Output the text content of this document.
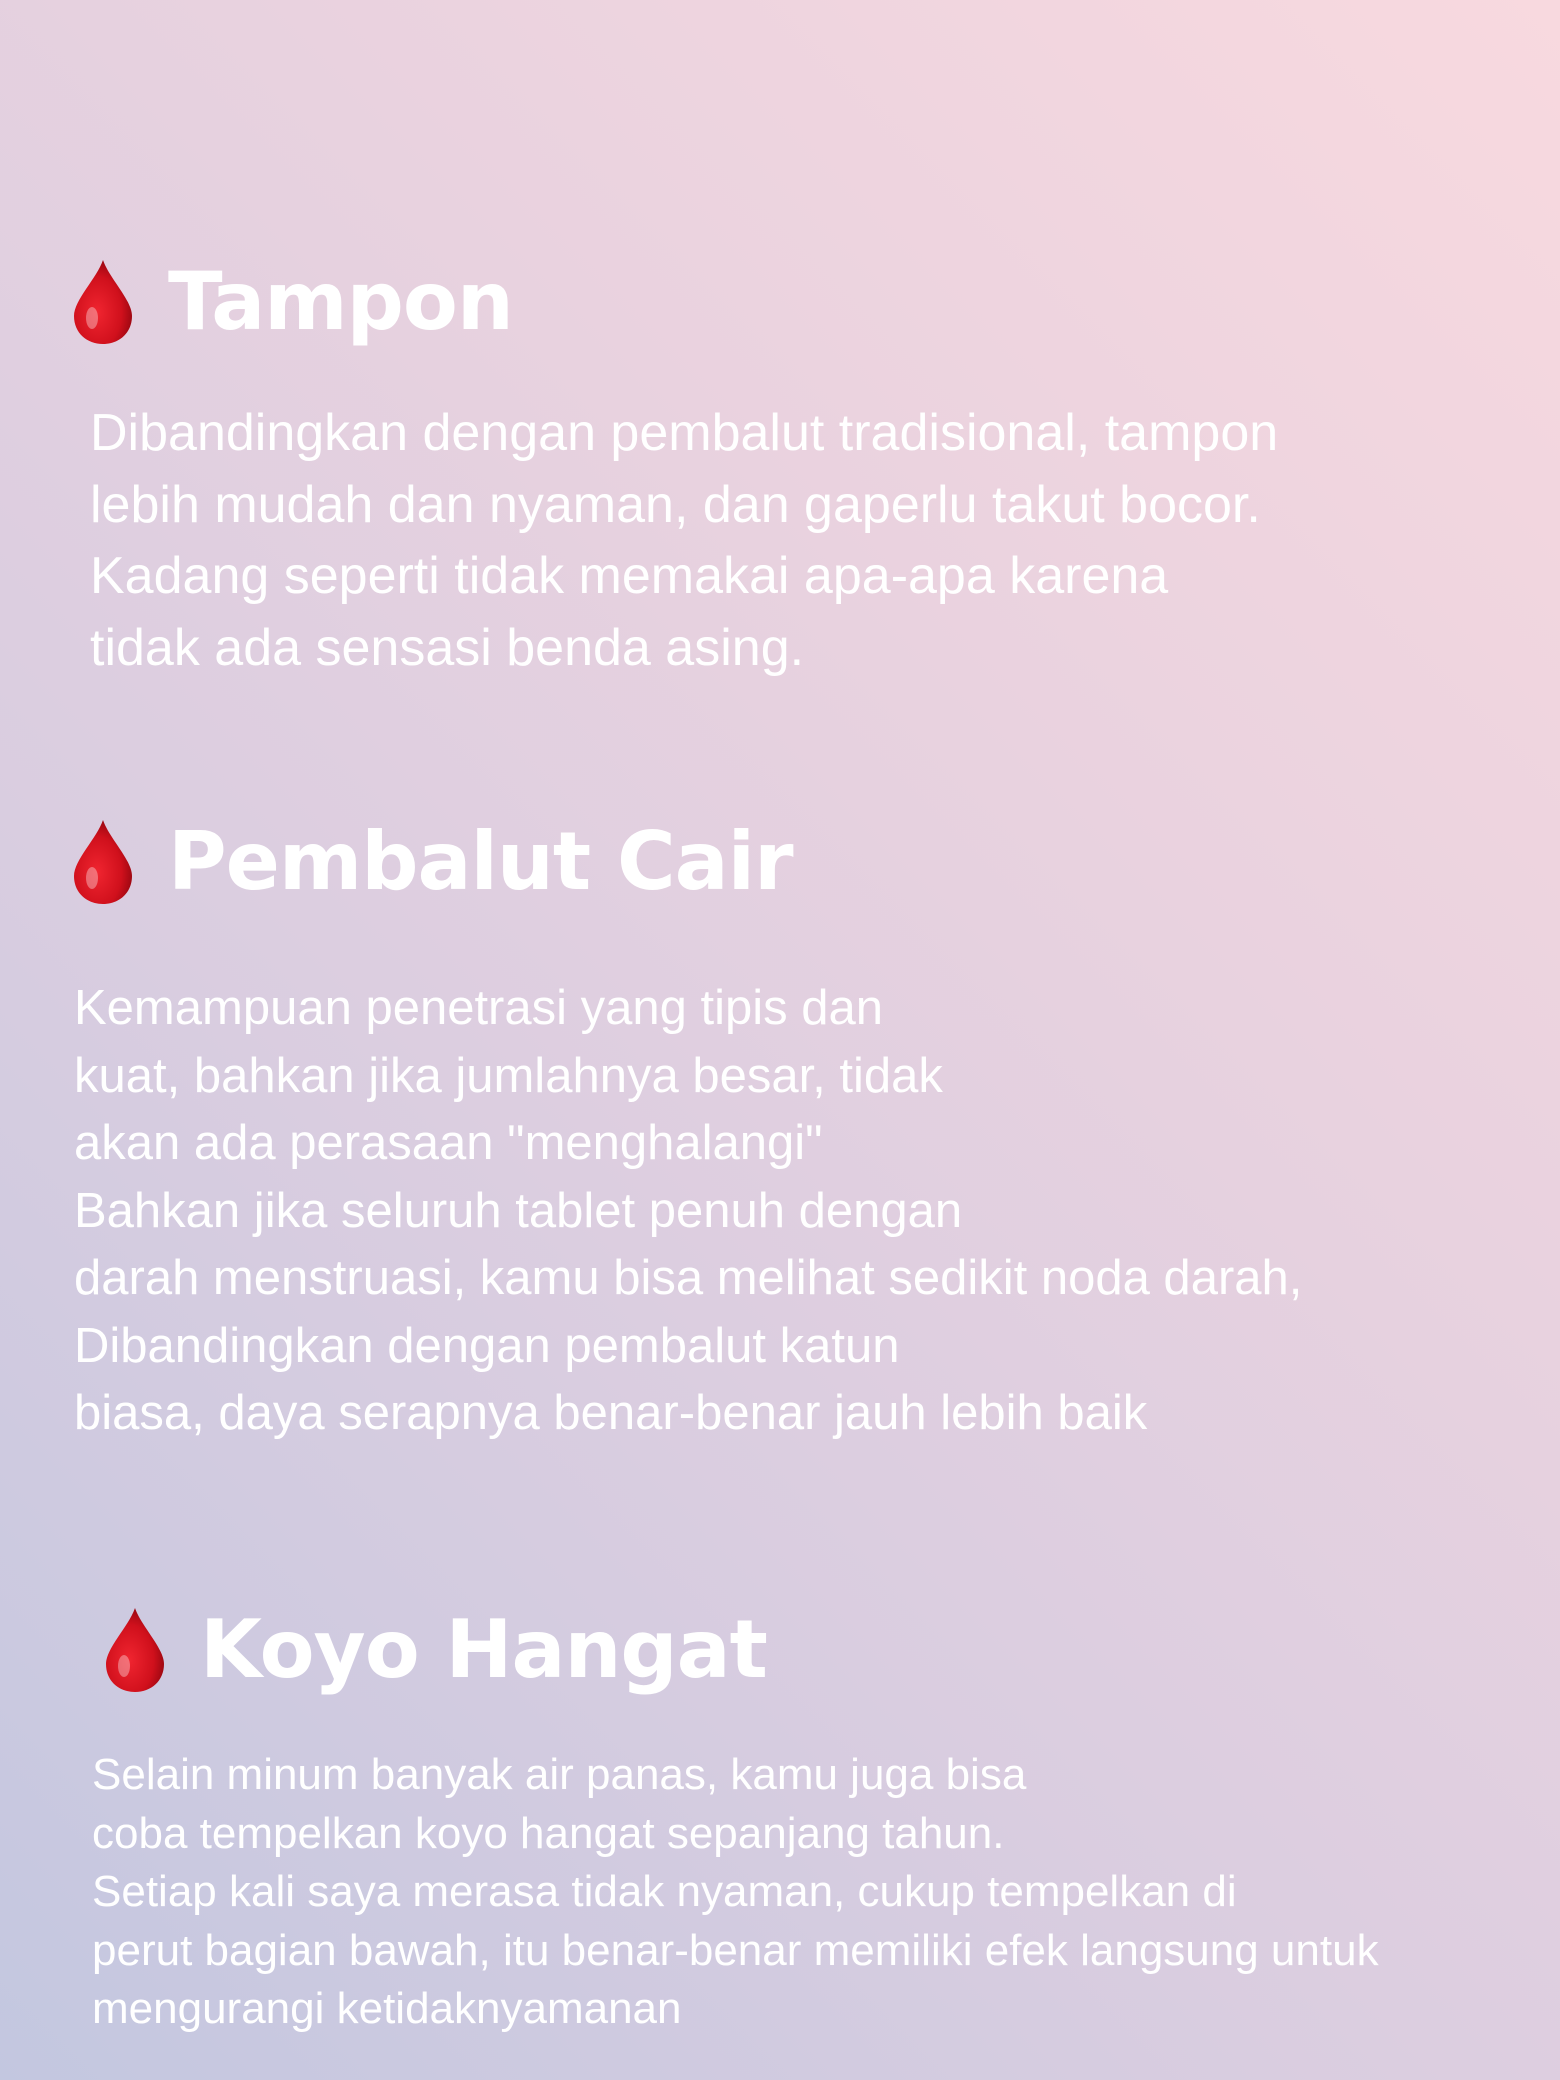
Tampon
Dibandingkan dengan pembalut tradisional, tampon
lebih mudah dan nyaman, dan gaperlu takut bocor.
Kadang seperti tidak memakai apa-apa karena
tidak ada sensasi benda asing.
Pembalut Cair
Kemampuan penetrasi yang tipis dan
kuat, bahkan jika jumlahnya besar, tidak
akan ada perasaan "menghalangi"
Bahkan jika seluruh tablet penuh dengan
darah menstruasi, kamu bisa melihat sedikit noda darah,
Dibandingkan dengan pembalut katun
biasa, daya serapnya benar-benar jauh lebih baik
Koyo Hangat
Selain minum banyak air panas, kamu juga bisa
coba tempelkan koyo hangat sepanjang tahun.
Setiap kali saya merasa tidak nyaman, cukup tempelkan di
perut bagian bawah, itu benar-benar memiliki efek langsung untuk
mengurangi ketidaknyamanan
